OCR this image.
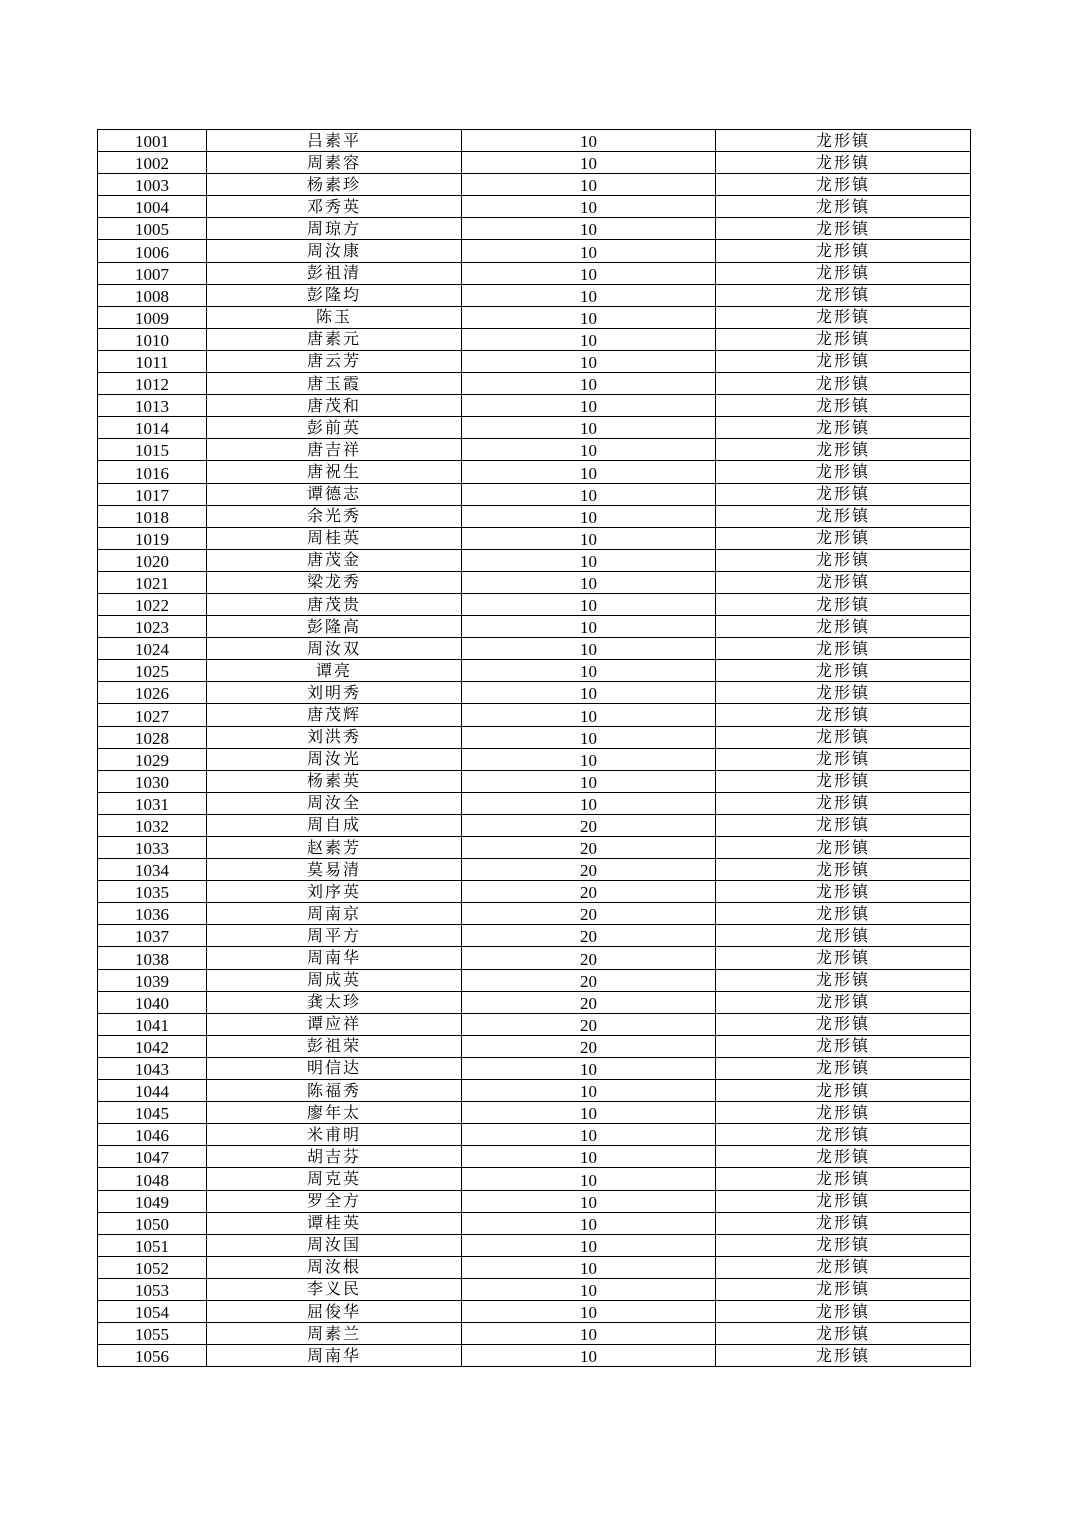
1001	吕素平	10	龙形镇
1002	周素容	10	龙形镇
1003	杨素珍	10	龙形镇
1004	邓秀英	10	龙形镇
1005	周琼方	10	龙形镇
1006	周汝康	10	龙形镇
1007	彭祖清	10	龙形镇
1008	彭隆均	10	龙形镇
1009	陈玉	10	龙形镇
1010	唐素元	10	龙形镇
1011	唐云芳	10	龙形镇
1012	唐玉霞	10	龙形镇
1013	唐茂和	10	龙形镇
1014	彭前英	10	龙形镇
1015	唐吉祥	10	龙形镇
1016	唐祝生	10	龙形镇
1017	谭德志	10	龙形镇
1018	余光秀	10	龙形镇
1019	周桂英	10	龙形镇
1020	唐茂金	10	龙形镇
1021	梁龙秀	10	龙形镇
1022	唐茂贵	10	龙形镇
1023	彭隆高	10	龙形镇
1024	周汝双	10	龙形镇
1025	谭亮	10	龙形镇
1026	刘明秀	10	龙形镇
1027	唐茂辉	10	龙形镇
1028	刘洪秀	10	龙形镇
1029	周汝光	10	龙形镇
1030	杨素英	10	龙形镇
1031	周汝全	10	龙形镇
1032	周自成	20	龙形镇
1033	赵素芳	20	龙形镇
1034	莫易清	20	龙形镇
1035	刘序英	20	龙形镇
1036	周南京	20	龙形镇
1037	周平方	20	龙形镇
1038	周南华	20	龙形镇
1039	周成英	20	龙形镇
1040	龚太珍	20	龙形镇
1041	谭应祥	20	龙形镇
1042	彭祖荣	20	龙形镇
1043	明信达	10	龙形镇
1044	陈福秀	10	龙形镇
1045	廖年太	10	龙形镇
1046	米甫明	10	龙形镇
1047	胡吉芬	10	龙形镇
1048	周克英	10	龙形镇
1049	罗全方	10	龙形镇
1050	谭桂英	10	龙形镇
1051	周汝国	10	龙形镇
1052	周汝根	10	龙形镇
1053	李义民	10	龙形镇
1054	屈俊华	10	龙形镇
1055	周素兰	10	龙形镇
1056	周南华	10	龙形镇
